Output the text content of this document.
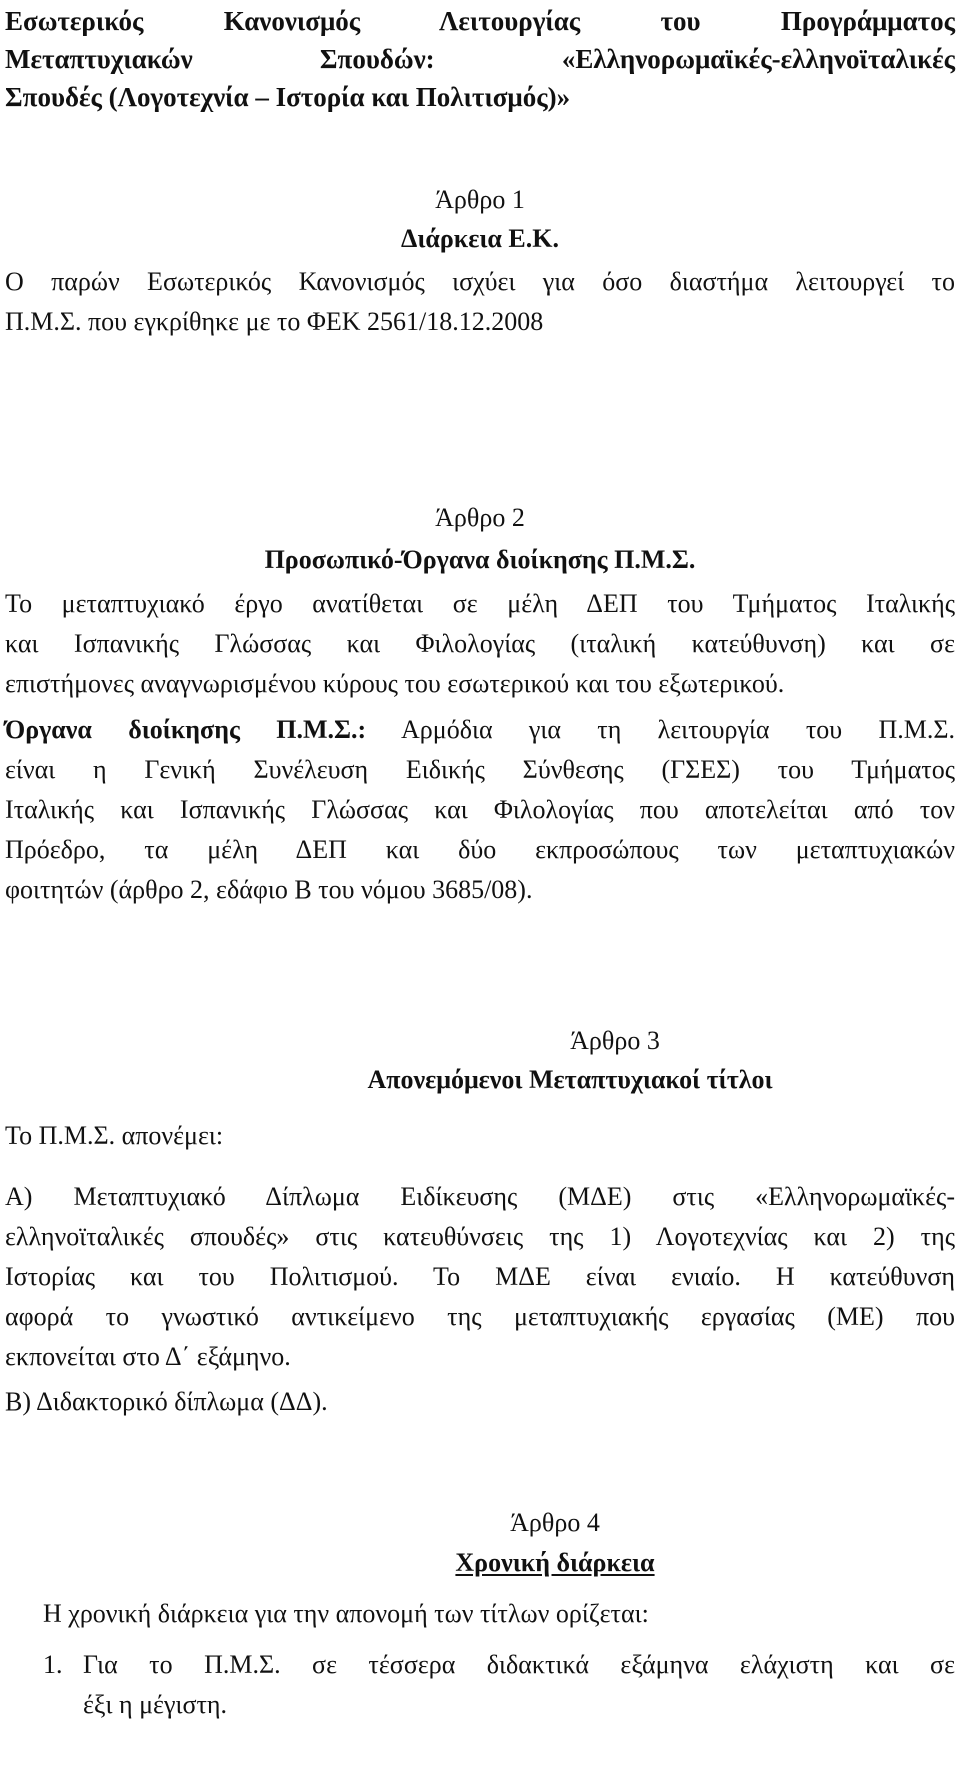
Εσωτερικός Κανονισμός Λειτουργίας του Προγράμματος
Μεταπτυχιακών Σπουδών: «Ελληνορωμαϊκές-ελληνοϊταλικές
Σπουδές (Λογοτεχνία – Ιστορία και Πολιτισμός)»
Άρθρο 1
Διάρκεια Ε.Κ.
Ο παρών Εσωτερικός Κανονισμός ισχύει για όσο διαστήμα λειτουργεί το
Π.Μ.Σ. που εγκρίθηκε με το ΦΕΚ 2561/18.12.2008
Άρθρο 2
Προσωπικό-Όργανα διοίκησης Π.Μ.Σ.
Το μεταπτυχιακό έργο ανατίθεται σε μέλη ΔΕΠ του Τμήματος Ιταλικής
και Ισπανικής Γλώσσας και Φιλολογίας (ιταλική κατεύθυνση) και σε
επιστήμονες αναγνωρισμένου κύρους του εσωτερικού και του εξωτερικού.
Όργανα διοίκησης Π.Μ.Σ.: Αρμόδια για τη λειτουργία του Π.Μ.Σ.
είναι η Γενική Συνέλευση Ειδικής Σύνθεσης (ΓΣΕΣ) του Τμήματος
Ιταλικής και Ισπανικής Γλώσσας και Φιλολογίας που αποτελείται από τον
Πρόεδρο, τα μέλη ΔΕΠ και δύο εκπροσώπους των μεταπτυχιακών
φοιτητών (άρθρο 2, εδάφιο Β του νόμου 3685/08).
Άρθρο 3
Απονεμόμενοι Μεταπτυχιακοί τίτλοι
Το Π.Μ.Σ. απονέμει:
Α) Μεταπτυχιακό Δίπλωμα Ειδίκευσης (ΜΔΕ) στις «Ελληνορωμαϊκές-
ελληνοϊταλικές σπουδές» στις κατευθύνσεις της 1) Λογοτεχνίας και 2) της
Ιστορίας και του Πολιτισμού. Το ΜΔΕ είναι ενιαίο. Η κατεύθυνση
αφορά το γνωστικό αντικείμενο της μεταπτυχιακής εργασίας (ΜΕ) που
εκπονείται στο Δ΄ εξάμηνο.
Β) Διδακτορικό δίπλωμα (ΔΔ).
Άρθρο 4
Χρονική διάρκεια
Η χρονική διάρκεια για την απονομή των τίτλων ορίζεται:
1. Για το Π.Μ.Σ. σε τέσσερα διδακτικά εξάμηνα ελάχιστη και σε
έξι η μέγιστη.
